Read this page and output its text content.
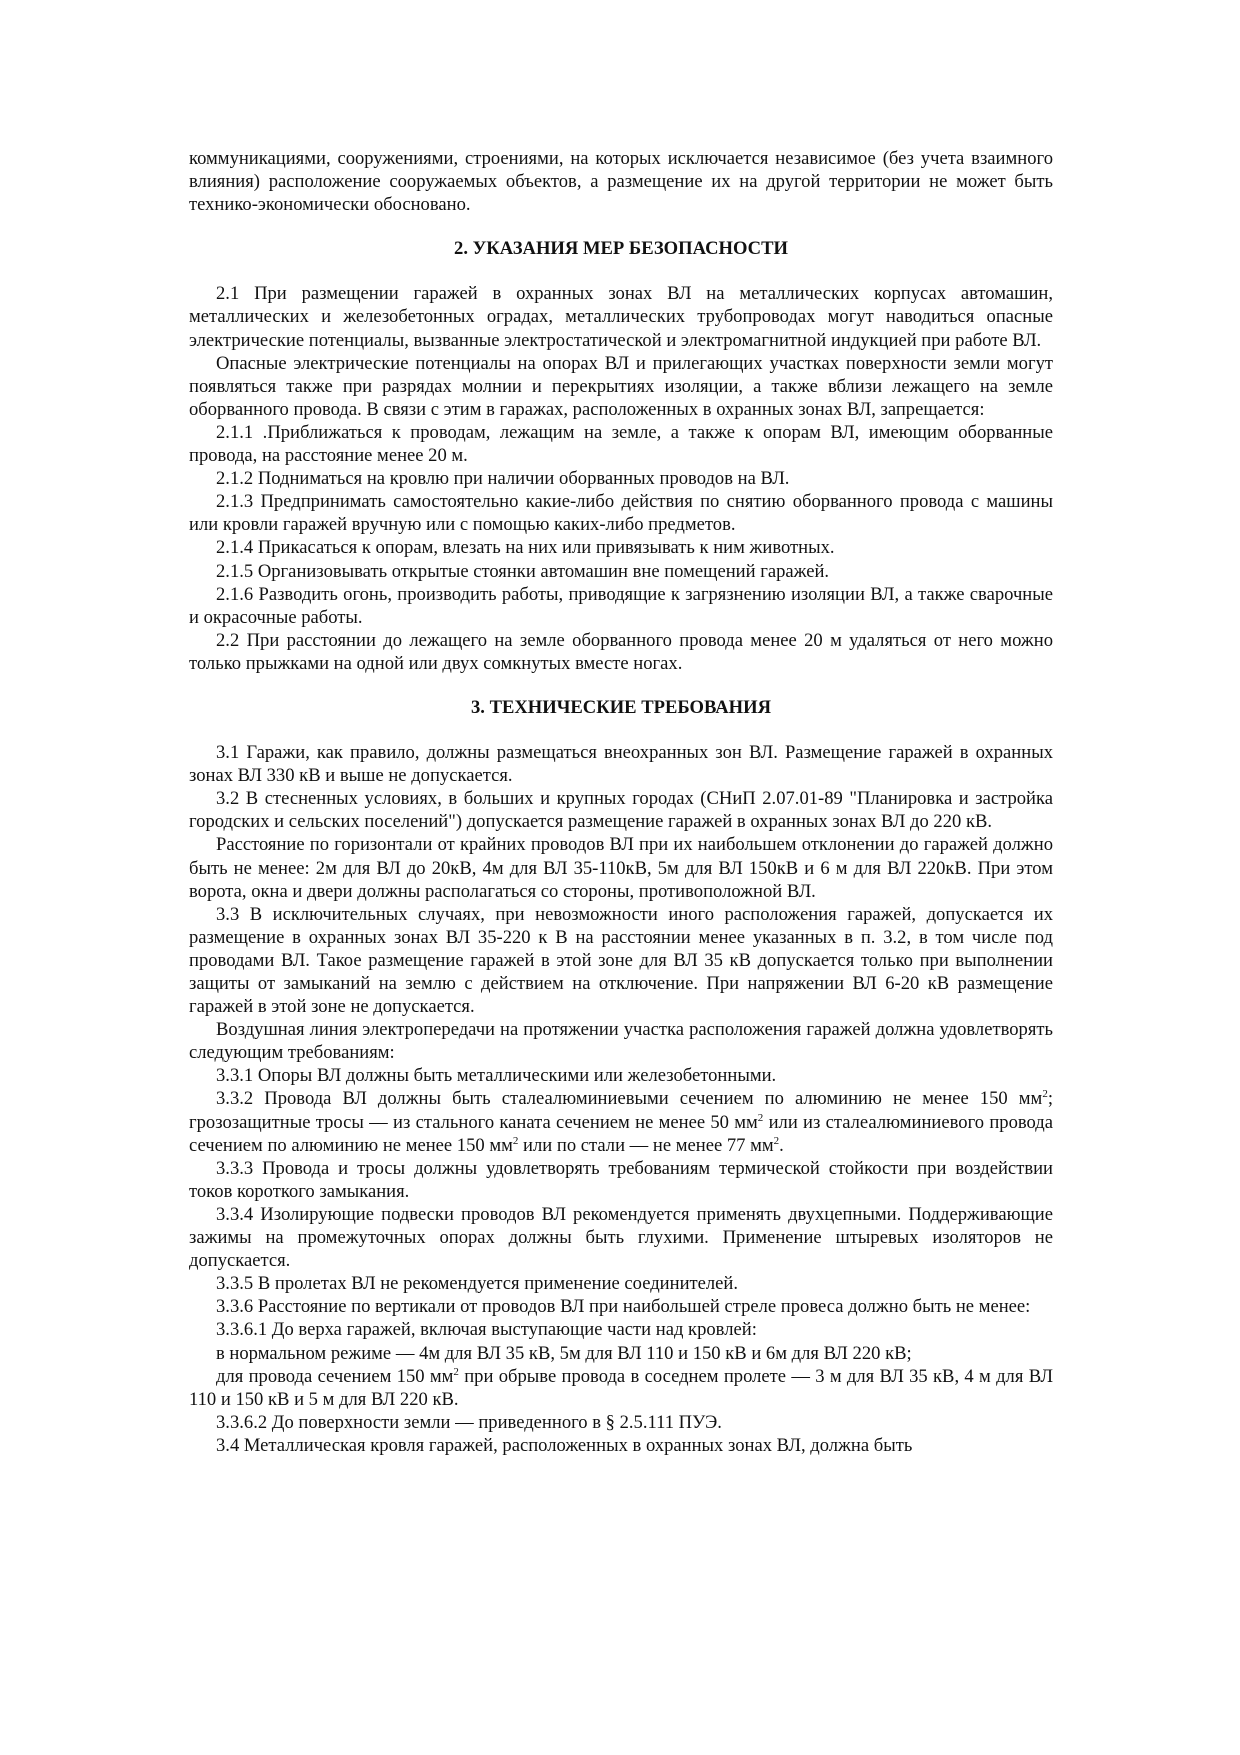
коммуникациями, сооружениями, строениями, на которых исключается независимое (без учета взаимного влияния) расположение сооружаемых объектов, а размещение их на другой территории не может быть технико-экономически обосновано.

2. УКАЗАНИЯ МЕР БЕЗОПАСНОСТИ

2.1 При размещении гаражей в охранных зонах ВЛ на металлических корпусах автомашин, металлических и железобетонных оградах, металлических трубопроводах могут наводиться опасные электрические потенциалы, вызванные электростатической и электромагнитной индукцией при работе ВЛ.

Опасные электрические потенциалы на опорах ВЛ и прилегающих участках поверхности земли могут появляться также при разрядах молнии и перекрытиях изоляции, а также вблизи лежащего на земле оборванного провода. В связи с этим в гаражах, расположенных в охранных зонах ВЛ, запрещается:

2.1.1 .Приближаться к проводам, лежащим на земле, а также к опорам ВЛ, имеющим оборванные провода, на расстояние менее 20 м.

2.1.2 Подниматься на кровлю при наличии оборванных проводов на ВЛ.

2.1.3 Предпринимать самостоятельно какие-либо действия по снятию оборванного провода с машины или кровли гаражей вручную или с помощью каких-либо предметов.

2.1.4 Прикасаться к опорам, влезать на них или привязывать к ним животных.

2.1.5 Организовывать открытые стоянки автомашин вне помещений гаражей.

2.1.6 Разводить огонь, производить работы, приводящие к загрязнению изоляции ВЛ, а также сварочные и окрасочные работы.

2.2 При расстоянии до лежащего на земле оборванного провода менее 20 м удаляться от него можно только прыжками на одной или двух сомкнутых вместе ногах.

3. ТЕХНИЧЕСКИЕ ТРЕБОВАНИЯ

3.1 Гаражи, как правило, должны размещаться внеохранных зон ВЛ. Размещение гаражей в охранных зонах ВЛ 330 кВ и выше не допускается.

3.2 В стесненных условиях, в больших и крупных городах (СНиП 2.07.01-89 "Планировка и застройка городских и сельских поселений") допускается размещение гаражей в охранных зонах ВЛ до 220 кВ.

Расстояние по горизонтали от крайних проводов ВЛ при их наибольшем отклонении до гаражей должно быть не менее: 2м для ВЛ до 20кВ, 4м для ВЛ 35-110кВ, 5м для ВЛ 150кВ и 6 м для ВЛ 220кВ. При этом ворота, окна и двери должны располагаться со стороны, противоположной ВЛ.

3.3 В исключительных случаях, при невозможности иного расположения гаражей, допускается их размещение в охранных зонах ВЛ 35-220 к В на расстоянии менее указанных в п. 3.2, в том числе под проводами ВЛ. Такое размещение гаражей в этой зоне для ВЛ 35 кВ допускается только при выполнении защиты от замыканий на землю с действием на отключение. При напряжении ВЛ 6-20 кВ размещение гаражей в этой зоне не допускается.

Воздушная линия электропередачи на протяжении участка расположения гаражей должна удовлетворять следующим требованиям:

3.3.1 Опоры ВЛ должны быть металлическими или железобетонными.

3.3.2 Провода ВЛ должны быть сталеалюминиевыми сечением по алюминию не менее 150 $мм^2$; грозозащитные тросы — из стального каната сечением не менее 50 $мм^2$ или из сталеалюминиевого провода сечением по алюминию не менее 150 $мм^2$ или по стали — не менее 77 $мм^2$.

3.3.3 Провода и тросы должны удовлетворять требованиям термической стойкости при воздействии токов короткого замыкания.

3.3.4 Изолирующие подвески проводов ВЛ рекомендуется применять двухцепными. Поддерживающие зажимы на промежуточных опорах должны быть глухими. Применение штыревых изоляторов не допускается.

3.3.5 В пролетах ВЛ не рекомендуется применение соединителей.

3.3.6 Расстояние по вертикали от проводов ВЛ при наибольшей стреле провеса должно быть не менее:

3.3.6.1 До верха гаражей, включая выступающие части над кровлей:

в нормальном режиме — 4м для ВЛ 35 кВ, 5м для ВЛ 110 и 150 кВ и 6м для ВЛ 220 кВ;

для провода сечением 150 $мм^2$ при обрыве провода в соседнем пролете — 3 м для ВЛ 35 кВ, 4 м для ВЛ 110 и 150 кВ и 5 м для ВЛ 220 кВ.

3.3.6.2 До поверхности земли — приведенного в § 2.5.111 ПУЭ.

3.4 Металлическая кровля гаражей, расположенных в охранных зонах ВЛ, должна быть
